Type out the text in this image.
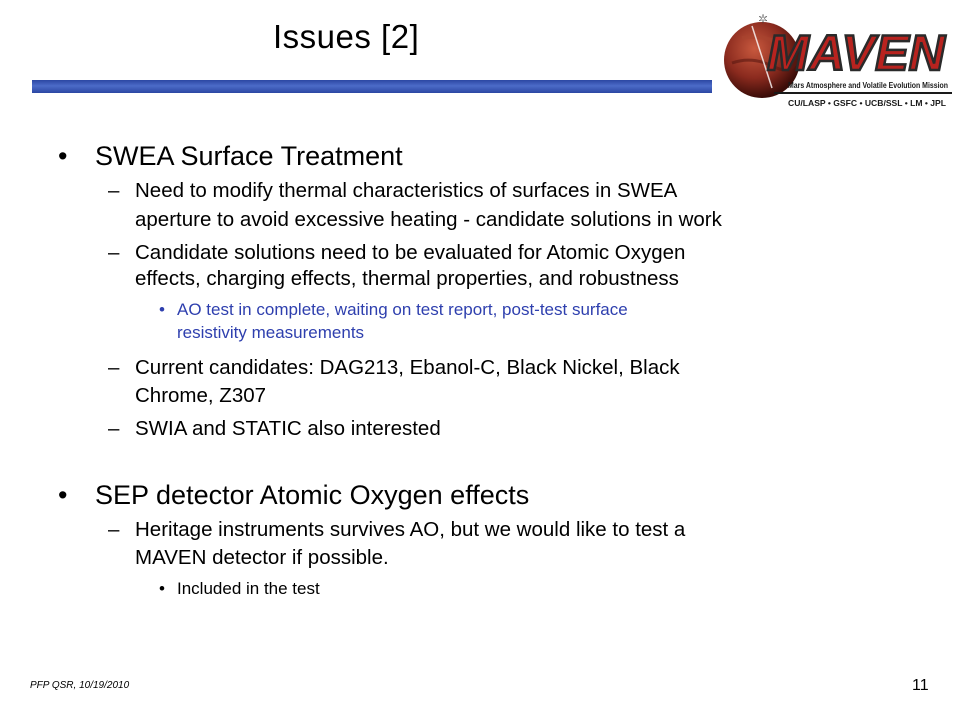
Issues [2]	✶
MAVEN
Mars Atmosphere and Volatile Evolution Mission
CU/LASP • GSFC • UCB/SSL • LM • JPL
• SWEA Surface Treatment
– Need to modify thermal characteristics of surfaces in SWEA
aperture to avoid excessive heating - candidate solutions in work
– Candidate solutions need to be evaluated for Atomic Oxygen
effects, charging effects, thermal properties, and robustness
• AO test in complete, waiting on test report, post-test surface
resistivity measurements
– Current candidates: DAG213, Ebanol-C, Black Nickel, Black
Chrome, Z307
– SWIA and STATIC also interested
• SEP detector Atomic Oxygen effects
– Heritage instruments survives AO, but we would like to test a
MAVEN detector if possible.
• Included in the test
PFP QSR, 10/19/2010	11
